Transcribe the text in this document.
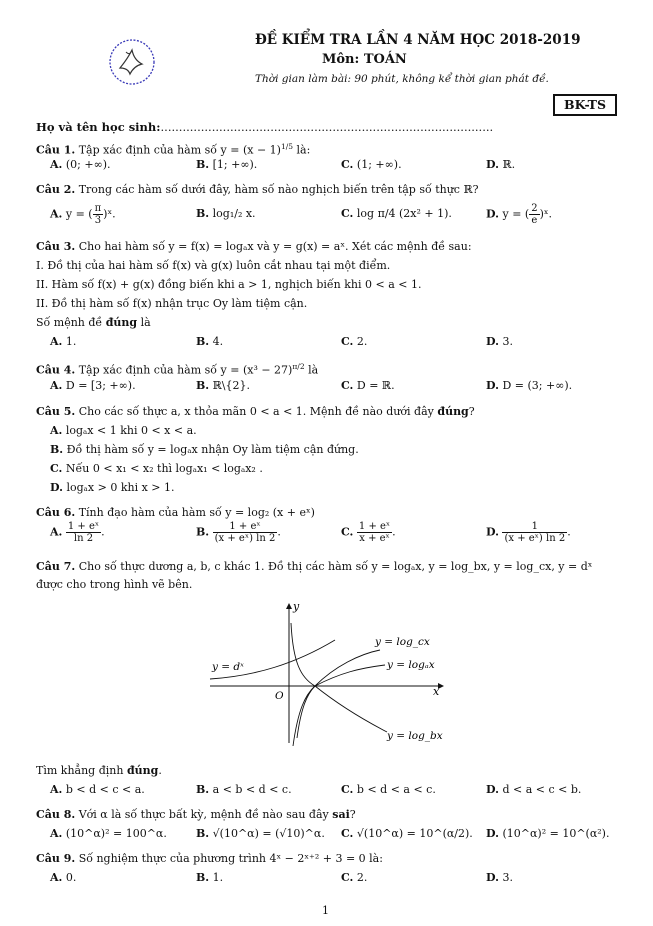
ĐỀ KIỂM TRA LẦN 4 NĂM HỌC 2018-2019
Môn: TOÁN
Thời gian làm bài: 90 phút, không kể thời gian phát đề.
BK-TS
Họ và tên học sinh:...........................................................................................
Câu 1. Tập xác định của hàm số $y = (x - 1)^{1/5}$ là:
A. (0; +∞).	B. [1; +∞).	C. (1; +∞).	D. ℝ.
Câu 2. Trong các hàm số dưới đây, hàm số nào nghịch biến trên tập số thực ℝ?
A. y = ( $\frac{\pi}{3}$ )ˣ.	B. log₁/₂ x.	C. log π/4 (2x² + 1).	D. y = ( $\frac{2}{e}$ )ˣ.
Câu 3. Cho hai hàm số y = f(x) = logₐx và y = g(x) = aˣ. Xét các mệnh đề sau:
I. Đồ thị của hai hàm số f(x) và g(x) luôn cắt nhau tại một điểm.
II. Hàm số f(x) + g(x) đồng biến khi a > 1, nghịch biến khi 0 < a < 1.
II. Đồ thị hàm số f(x) nhận trục Oy làm tiệm cận.
Số mệnh đề đúng là
A. 1.	B. 4.	C. 2.	D. 3.
Câu 4. Tập xác định của hàm số $y = (x^3 - 27)^{\pi/2}$ là
A. D = [3; +∞).	B. ℝ\{2}.	C. D = ℝ.	D. D = (3; +∞).
Câu 5. Cho các số thực a, x thỏa mãn 0 < a < 1. Mệnh đề nào dưới đây đúng?
A. logₐx < 1 khi 0 < x < a.
B. Đồ thị hàm số y = logₐx nhận Oy làm tiệm cận đứng.
C. Nếu 0 < x₁ < x₂ thì logₐx₁ < logₐx₂ .
D. logₐx > 0 khi x > 1.
Câu 6. Tính đạo hàm của hàm số y = log₂ (x + eˣ)
A. $\frac{\text{1 + eˣ}}{\ln 2}$ .	B. $\frac{\text{1 + eˣ}}{\text{(x + eˣ) ln 2}}$ .	C. $\frac{\text{1 + eˣ}}{\text{x + eˣ}}$ .	D. $\frac{1}{\text{(x + eˣ) ln 2}}$ .
Câu 7. Cho số thực dương a, b, c khác 1. Đồ thị các hàm số y = logₐx, y = log_bx, y = log_cx, y = dˣ
được cho trong hình vẽ bên.
y
x
O
y = dˣ
y = log_cx
y = logₐx
y = log_bx
Tìm khẳng định đúng.
A. b < d < c < a.	B. a < b < d < c.	C. b < d < a < c.	D. d < a < c < b.
Câu 8. Với α là số thực bất kỳ, mệnh đề nào sau đây sai?
A. (10^α)² = 100^α.	B. √(10^α) = (√10)^α. C. √(10^α) = 10^(α/2). D. (10^α)² = 10^(α²).
Câu 9. Số nghiệm thực của phương trình 4ˣ − 2ˣ⁺² + 3 = 0 là:
A. 0.	B. 1.	C. 2.	D. 3.
1
